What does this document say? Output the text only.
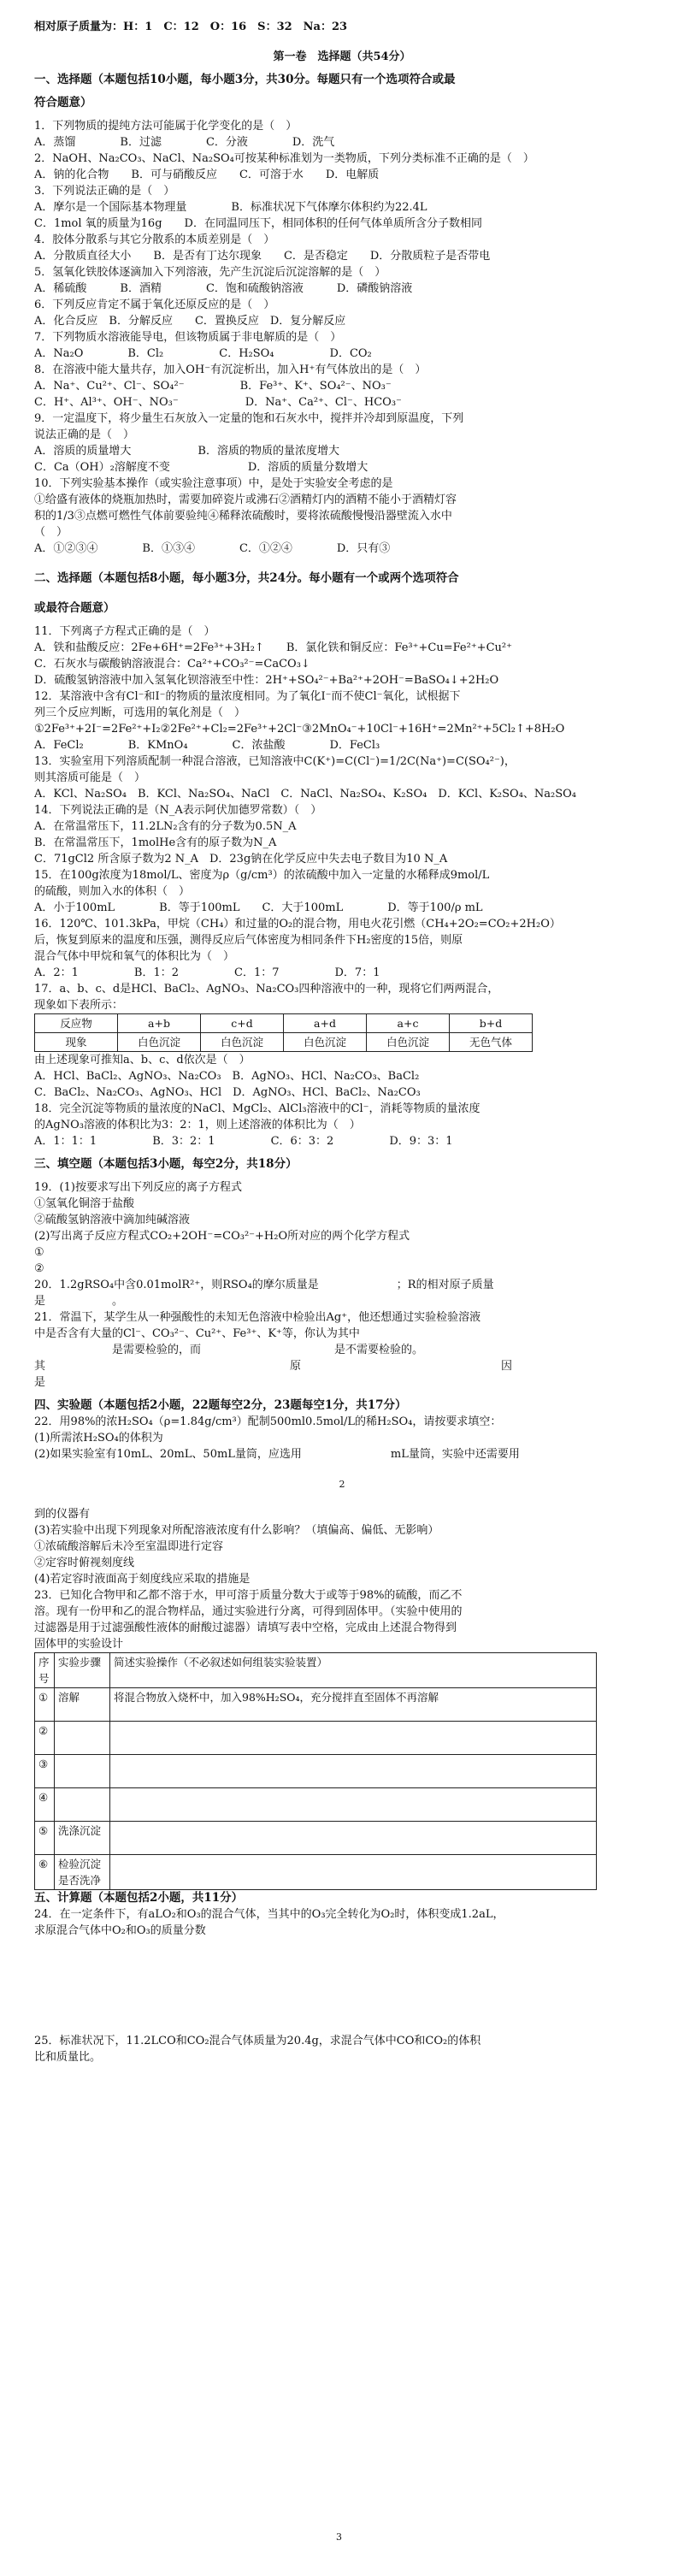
相对原子质量为：H：1　C：12　O：16　S：32　Na：23
第一卷　选择题（共54分）
一、选择题（本题包括10小题，每小题3分，共30分。每题只有一个选项符合或最
符合题意）
1．下列物质的提纯方法可能属于化学变化的是（　）
A．蒸馏　　　　B．过滤　　　　C．分液　　　　D．洗气
2．NaOH、Na₂CO₃、NaCl、Na₂SO₄可按某种标准划为一类物质，下列分类标准不正确的是（　）
A．钠的化合物　　B．可与硝酸反应　　C．可溶于水　　D．电解质
3．下列说法正确的是（　）
A．摩尔是一个国际基本物理量　　　　B．标准状况下气体摩尔体积约为22.4L
C．1mol 氧的质量为16g　　D．在同温同压下，相同体积的任何气体单质所含分子数相同
4．胶体分散系与其它分散系的本质差别是（　）
A．分散质直径大小　　B．是否有丁达尔现象　　C．是否稳定　　D．分散质粒子是否带电
5．氢氧化铁胶体逐滴加入下列溶液，先产生沉淀后沉淀溶解的是（　）
A．稀硫酸　　　B．酒精　　　　C．饱和硫酸钠溶液　　　D．磷酸钠溶液
6．下列反应肯定不属于氧化还原反应的是（　）
A．化合反应　B．分解反应　　C．置换反应　D．复分解反应
7．下列物质水溶液能导电，但该物质属于非电解质的是（　）
A．Na₂O　　　　B．Cl₂　　　　　C．H₂SO₄　　　　　D．CO₂
8．在溶液中能大量共存，加入OH⁻有沉淀析出，加入H⁺有气体放出的是（　）
A．Na⁺、Cu²⁺、Cl⁻、SO₄²⁻　　　　　B．Fe³⁺、K⁺、SO₄²⁻、NO₃⁻
C．H⁺、Al³⁺、OH⁻、NO₃⁻　　　　　　D．Na⁺、Ca²⁺、Cl⁻、HCO₃⁻
9．一定温度下，将少量生石灰放入一定量的饱和石灰水中，搅拌并冷却到原温度，下列
说法正确的是（　）
A．溶质的质量增大　　　　　　B．溶质的物质的量浓度增大
C．Ca（OH）₂溶解度不变　　　　　　　D．溶质的质量分数增大
10．下列实验基本操作（或实验注意事项）中，是处于实验安全考虑的是
①给盛有液体的烧瓶加热时，需要加碎瓷片或沸石②酒精灯内的酒精不能小于酒精灯容
积的1/3③点燃可燃性气体前要验纯④稀释浓硫酸时，要将浓硫酸慢慢沿器壁流入水中
（　）
A．①②③④　　　　B．①③④　　　　C．①②④　　　　D．只有③
二、选择题（本题包括8小题，每小题3分，共24分。每小题有一个或两个选项符合
或最符合题意）
11．下列离子方程式正确的是（　）
A．铁和盐酸反应：2Fe+6H⁺=2Fe³⁺+3H₂↑　　B．氯化铁和铜反应：Fe³⁺+Cu=Fe²⁺+Cu²⁺
C．石灰水与碳酸钠溶液混合：Ca²⁺+CO₃²⁻=CaCO₃↓
D．硫酸氢钠溶液中加入氢氧化钡溶液至中性：2H⁺+SO₄²⁻+Ba²⁺+2OH⁻=BaSO₄↓+2H₂O
12．某溶液中含有Cl⁻和I⁻的物质的量浓度相同。为了氧化I⁻而不使Cl⁻氧化，试根据下
列三个反应判断，可选用的氧化剂是（　）
①2Fe³⁺+2I⁻=2Fe²⁺+I₂②2Fe²⁺+Cl₂=2Fe³⁺+2Cl⁻③2MnO₄⁻+10Cl⁻+16H⁺=2Mn²⁺+5Cl₂↑+8H₂O
A．FeCl₂　　　　B．KMnO₄　　　　C．浓盐酸　　　　D．FeCl₃
13．实验室用下列溶质配制一种混合溶液，已知溶液中C(K⁺)=C(Cl⁻)=1/2C(Na⁺)=C(SO₄²⁻)，
则其溶质可能是（　）
A．KCl、Na₂SO₄　B．KCl、Na₂SO₄、NaCl　C．NaCl、Na₂SO₄、K₂SO₄　D．KCl、K₂SO₄、Na₂SO₄
14．下列说法正确的是（N_A表示阿伏加德罗常数）（　）
A．在常温常压下，11.2LN₂含有的分子数为0.5N_A
B．在常温常压下，1molHe含有的原子数为N_A
C．71gCl2 所含原子数为2 N_A　D．23g钠在化学反应中失去电子数目为10 N_A
15．在100g浓度为18mol/L、密度为ρ（g/cm³）的浓硫酸中加入一定量的水稀释成9mol/L
的硫酸，则加入水的体积（　）
A．小于100mL　　　　B．等于100mL　　C．大于100mL　　　　D．等于100/ρ mL
16．120℃、101.3kPa，甲烷（CH₄）和过量的O₂的混合物，用电火花引燃（CH₄+2O₂=CO₂+2H₂O）
后，恢复到原来的温度和压强，测得反应后气体密度为相同条件下H₂密度的15倍，则原
混合气体中甲烷和氧气的体积比为（　）
A．2：1　　　　　B．1：2　　　　　C．1：7　　　　　D．7：1
17．a、b、c、d是HCl、BaCl₂、AgNO₃、Na₂CO₃四种溶液中的一种，现将它们两两混合，
现象如下表所示：
反应物	a+b	c+d	a+d	a+c	b+d
现象	白色沉淀	白色沉淀	白色沉淀	白色沉淀	无色气体
由上述现象可推知a、b、c、d依次是（　）
A．HCl、BaCl₂、AgNO₃、Na₂CO₃　B．AgNO₃、HCl、Na₂CO₃、BaCl₂
C．BaCl₂、Na₂CO₃、AgNO₃、HCl　D．AgNO₃、HCl、BaCl₂、Na₂CO₃
18．完全沉淀等物质的量浓度的NaCl、MgCl₂、AlCl₃溶液中的Cl⁻，消耗等物质的量浓度
的AgNO₃溶液的体积比为3：2：1，则上述溶液的体积比为（　）
A．1：1：1　　　　　B．3：2：1　　　　　C．6：3：2　　　　　D．9：3：1
三、填空题（本题包括3小题，每空2分，共18分）
19．(1)按要求写出下列反应的离子方程式
①氢氧化铜溶于盐酸
②硫酸氢钠溶液中滴加纯碱溶液
(2)写出离子反应方程式CO₂+2OH⁻=CO₃²⁻+H₂O所对应的两个化学方程式
①
②
20．1.2gRSO₄中含0.01molR²⁺，则RSO₄的摩尔质量是　　　　　　　；R的相对原子质量
是　　　　　　。
21．常温下，某学生从一种强酸性的未知无色溶液中检验出Ag⁺，他还想通过实验检验溶液
中是否含有大量的Cl⁻、CO₃²⁻、Cu²⁺、Fe³⁺、K⁺等，你认为其中
　　　　　　　是需要检验的，而　　　　　　　　　　　　是不需要检验的。
其　　　　　　　　　　　　　　　　　　　　　　原　　　　　　　　　　　　　　　　　　因
是
四、实验题（本题包括2小题，22题每空2分，23题每空1分，共17分）
22．用98%的浓H₂SO₄（ρ=1.84g/cm³）配制500ml0.5mol/L的稀H₂SO₄，请按要求填空：
(1)所需浓H₂SO₄的体积为
(2)如果实验室有10mL、20mL、50mL量筒，应选用　　　　　　　　mL量筒，实验中还需要用
2
到的仪器有
(3)若实验中出现下列现象对所配溶液浓度有什么影响？（填偏高、偏低、无影响）
①浓硫酸溶解后未冷至室温即进行定容
②定容时俯视刻度线
(4)若定容时液面高于刻度线应采取的措施是
23．已知化合物甲和乙都不溶于水，甲可溶于质量分数大于或等于98%的硫酸，而乙不
溶。现有一份甲和乙的混合物样品，通过实验进行分离，可得到固体甲。（实验中使用的
过滤器是用于过滤强酸性液体的耐酸过滤器）请填写表中空格，完成由上述混合物得到
固体甲的实验设计
序号	实验步骤	简述实验操作（不必叙述如何组装实验装置）
①	溶解	将混合物放入烧杯中，加入98%H₂SO₄，充分搅拌直至固体不再溶解
②		
③		
④		
⑤	洗涤沉淀	
⑥	检验沉淀是否洗净	
五、计算题（本题包括2小题，共11分）
24．在一定条件下，有aLO₂和O₃的混合气体，当其中的O₃完全转化为O₂时，体积变成1.2aL，
求原混合气体中O₂和O₃的质量分数
25．标准状况下，11.2LCO和CO₂混合气体质量为20.4g，求混合气体中CO和CO₂的体积
比和质量比。
3
